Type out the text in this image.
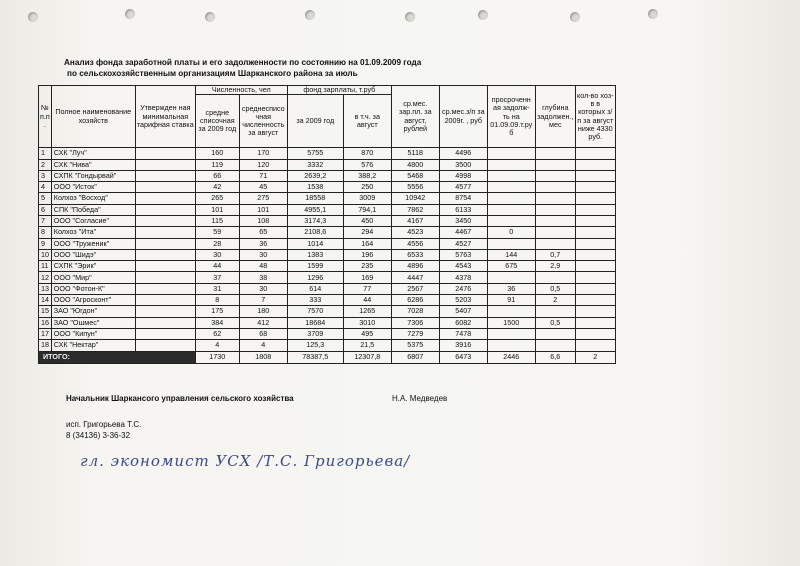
Анализ фонда заработной платы и его задолженности по состоянию на 01.09.2009 года
по сельскохозяйственным организациям Шарканского района за июль
№ п.п .	Полное наименование хозяйств	Утвержден ная минимальная тарифная ставка	Численность, чел		фонд зарплаты, т.руб		ср.мес. зар.пл. за август, рублей	ср.мес.з/п за 2009г. , руб	просроченн ая задолж- ть на 01.09.09.т.ру б	глубина задолжен., мес	кол-во хоз-в в которых з/п за август ниже 4330 руб.
			средне списочная за 2009 год	среднесписо чная численность за август	за 2009 год	в т.ч. за август					
1	СХК "Луч"		160	170	5755	870	5118	4496			
2	СХК "Нива"		119	120	3332	576	4800	3500			
3	СХПК "Гондырвай"		66	71	2639,2	388,2	5468	4998			
4	ООО "Исток"		42	45	1538	250	5556	4577			
5	Колхоз "Восход"		265	275	18558	3009	10942	8754			
6	СПК "Победа"		101	101	4955,1	794,1	7862	6133			
7	ООО "Согласие"		115	108	3174,3	450	4167	3450			
8	Колхоз "Ита"		59	65	2108,6	294	4523	4467	0		
9	ООО "Труженик"		28	36	1014	164	4556	4527			
10	ООО "Шидэ"		30	30	1383	196	6533	5763	144	0,7	
11	СХПК "Эрик"		44	48	1599	235	4896	4543	675	2,9	
12	ООО "Мир"		37	38	1296	169	4447	4378			
13	ООО "Фотон-К"		31	30	614	77	2567	2476	36	0,5	
14	ООО "Агросконт"		8	7	333	44	6286	5203	91	2	
15	ЗАО "Югдон"		175	180	7570	1265	7028	5407			
16	ЗАО "Ошмес"		384	412	18684	3010	7306	6082	1500	0,5	
17	ООО "Кипун"		62	68	3709	495	7279	7478			
18	СХК "Нектар"		4	4	125,3	21,5	5375	3916			
ИТОГО:			1730	1808	78387,5	12307,8	6807	6473	2446	6,6	2
Начальник Шаркансого управления сельского хозяйства	Н.А. Медведев
исп. Григорьева Т.С.
8 (34136) 3-36-32
гл. экономист УСХ /Т.С. Григорьева/
